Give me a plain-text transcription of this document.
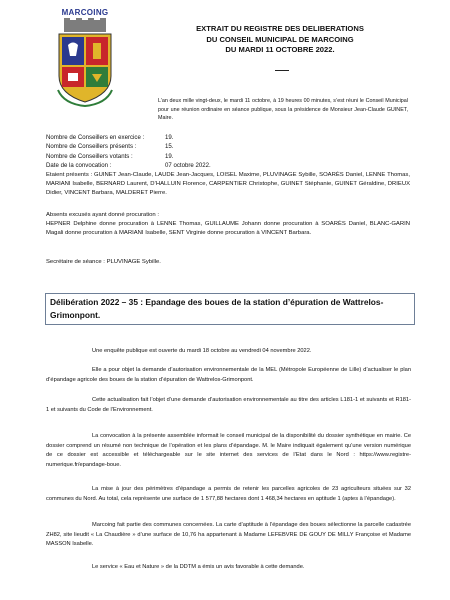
MARCOING
EXTRAIT DU REGISTRE DES DELIBERATIONS
DU CONSEIL MUNICIPAL DE MARCOING
DU MARDI 11 OCTOBRE 2022.
L’an deux mille vingt-deux, le mardi 11 octobre, à 19 heures 00 minutes, s’est réuni le Conseil Municipal pour une réunion ordinaire en séance publique, sous la présidence de Monsieur Jean-Claude GUINET, Maire.
Nombre de Conseillers en exercice :	19.
Nombre de Conseillers présents :	15.
Nombre de Conseillers votants :	19.
Date de la convocation :	07 octobre 2022.

Etaient présents : GUINET Jean-Claude, LAUDE Jean-Jacques, LOISEL Maxime, PLUVINAGE Sybille, SOARÈS Daniel, LENNE Thomas, MARIANI Isabelle, BERNARD Laurent, D’HALLUIN Florence, CARPENTIER Christophe, GUINET Stéphanie, GUINET Géraldine, DRIEUX Didier, VINCENT Barbara, MALDERET Pierre.

Absents excusés ayant donné procuration :

HEPNER Delphine donne procuration à LENNE Thomas, GUILLAUME Johann donne procuration à SOARÈS Daniel, BLANC-GARIN Magali donne procuration à MARIANI Isabelle, SENT Virginie donne procuration à VINCENT Barbara.

Secrétaire de séance : PLUVINAGE Sybille.

Délibération 2022 – 35 : Epandage des boues de la station d’épuration de Wattrelos-Grimonpont.

Une enquête publique est ouverte du mardi 18 octobre au vendredi 04 novembre 2022.

Elle a pour objet la demande d’autorisation environnementale de la MEL (Métropole Européenne de Lille) d’actualiser le plan d’épandage agricole des boues de la station d’épuration de Wattrelos-Grimonpont.

Cette actualisation fait l’objet d’une demande d’autorisation environnementale au titre des articles L181-1 et suivants et R181-1 et suivants du Code de l’Environnement.

La convocation à la présente assemblée informait le conseil municipal de la disponibilité du dossier synthétique en mairie. Ce dossier comprend un résumé non technique de l’opération et les plans d’épandage. M. le Maire indiquait également qu’une version numérique de ce dossier est accessible et téléchargeable sur le site internet des services de l’Etat dans le Nord : https://www.registre-numerique.fr/epandage-boue.

La mise à jour des périmètres d’épandage a permis de retenir les parcelles agricoles de 23 agriculteurs situées sur 32 communes du Nord. Au total, cela représente une surface de 1 577,88 hectares dont 1 468,34 hectares en aptitude 1 (aptes à l’épandage).

Marcoing fait partie des communes concernées. La carte d’aptitude à l’épandage des boues sélectionne la parcelle cadastrée ZH82, site lieudit « La Chaudière » d’une surface de 10,76 ha appartenant à Madame LEFEBVRE DE GOUY DE MILLY Françoise et Madame MASSON Isabelle.

Le service « Eau et Nature » de la DDTM a émis un avis favorable à cette demande.
